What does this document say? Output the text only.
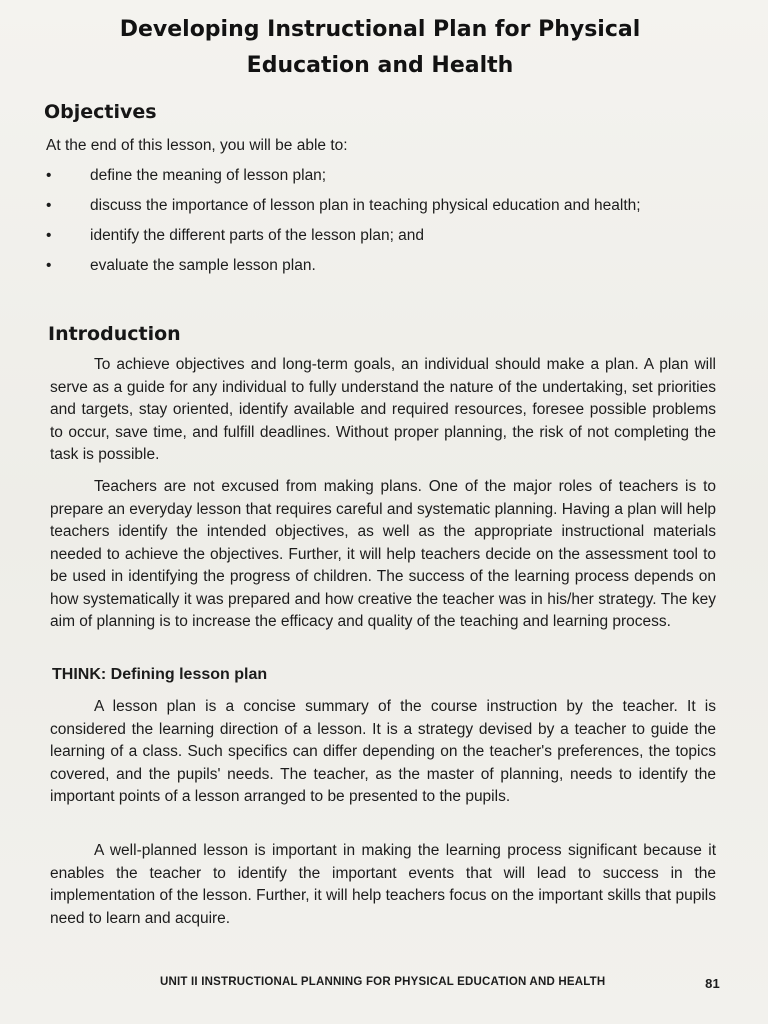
Developing Instructional Plan for Physical
Education and Health
Objectives
At the end of this lesson, you will be able to:
• define the meaning of lesson plan;
• discuss the importance of lesson plan in teaching physical education and health;
• identify the different parts of the lesson plan; and
• evaluate the sample lesson plan.
Introduction

To achieve objectives and long-term goals, an individual should make a plan. A plan will serve as a guide for any individual to fully understand the nature of the undertaking, set priorities and targets, stay oriented, identify available and required resources, foresee possible problems to occur, save time, and fulfill deadlines. Without proper planning, the risk of not completing the task is possible.

Teachers are not excused from making plans. One of the major roles of teachers is to prepare an everyday lesson that requires careful and systematic planning. Having a plan will help teachers identify the intended objectives, as well as the appropriate instructional materials needed to achieve the objectives. Further, it will help teachers decide on the assessment tool to be used in identifying the progress of children. The success of the learning process depends on how systematically it was prepared and how creative the teacher was in his/her strategy. The key aim of planning is to increase the efficacy and quality of the teaching and learning process.

THINK: Defining lesson plan

A lesson plan is a concise summary of the course instruction by the teacher. It is considered the learning direction of a lesson. It is a strategy devised by a teacher to guide the learning of a class. Such specifics can differ depending on the teacher's preferences, the topics covered, and the pupils' needs. The teacher, as the master of planning, needs to identify the important points of a lesson arranged to be presented to the pupils.

A well-planned lesson is important in making the learning process significant because it enables the teacher to identify the important events that will lead to success in the implementation of the lesson. Further, it will help teachers focus on the important skills that pupils need to learn and acquire.

UNIT II INSTRUCTIONAL PLANNING FOR PHYSICAL EDUCATION AND HEALTH	81
